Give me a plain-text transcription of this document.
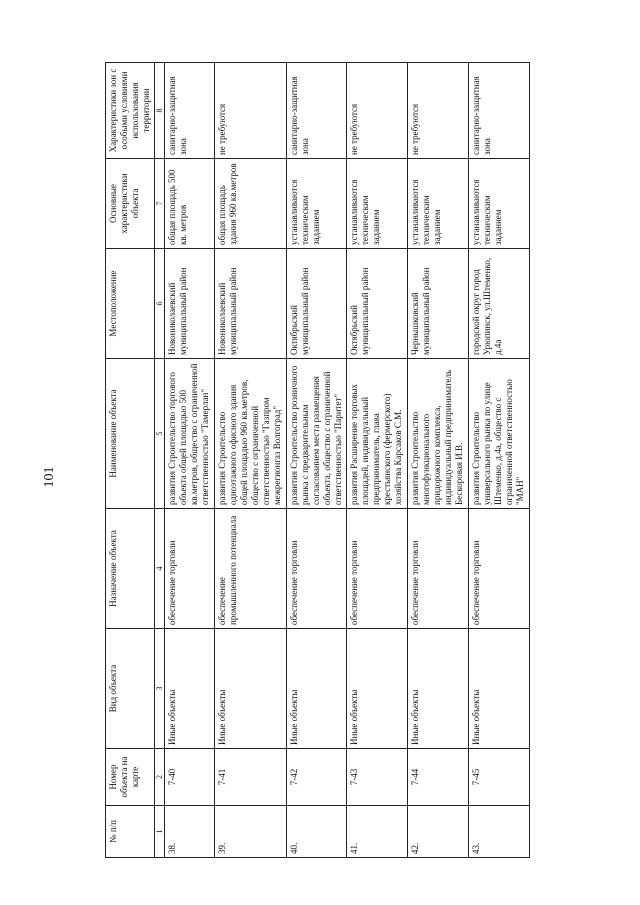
101
№ п/п	Номер объекта на карте	Вид объекта	Назначение объекта	Наименование объекта	Местоположение	Основные характеристики объекта	Характеристики зон с особыми условиями использования территории
1	2	3	4	5	6	7	8
38.	7-40	Иные объекты	обеспечение торговли	развития Строительство торгового объекта общей площадью 500 кв.метров, общество с ограниченной ответственностью "Тамерлан"	Новониколаевский муниципальный район	общая площадь 500 кв. метров	санитарно-защитная зона
39.	7-41	Иные объекты	обеспечение промышленного потенциала	развития Строительство одноэтажного офисного здания общей площадью 960 кв.метров, общество с ограниченной ответственностью "Газпром межрегионгаз Волгоград"	Новониколаевский муниципальный район	общая площадь здания 960 кв.метров	не требуются
40.	7-42	Иные объекты	обеспечение торговли	развития Строительство розничного рынка с предварительным согласованием места размещения объекта, общество с ограниченной ответственностью "Паритет"	Октябрьский муниципальный район	устанавливаются техническим заданием	санитарно-защитная зона
41.	7-43	Иные объекты	обеспечение торговли	развития Расширение торговых площадей, индивидуальный предприниматель, глава крестьянского (фермерского) хозяйства Карсаков С.М.	Октябрьский муниципальный район	устанавливаются техническим заданием	не требуются
42.	7-44	Иные объекты	обеспечение торговли	развития Строительство многофункционального придорожного комплекса, индивидуальный предприниматель Бескоровая И.В.	Чернышковский муниципальный район	устанавливаются техническим заданием	не требуются
43.	7-45	Иные объекты	обеспечение торговли	развития Строительство универсального рынка по улице Штеменко, д.4а, общество с ограниченной ответственностью "МАН"	городской округ город Урюпинск, ул.Штеменко, д.4а	устанавливаются техническим заданием	санитарно-защитная зона
